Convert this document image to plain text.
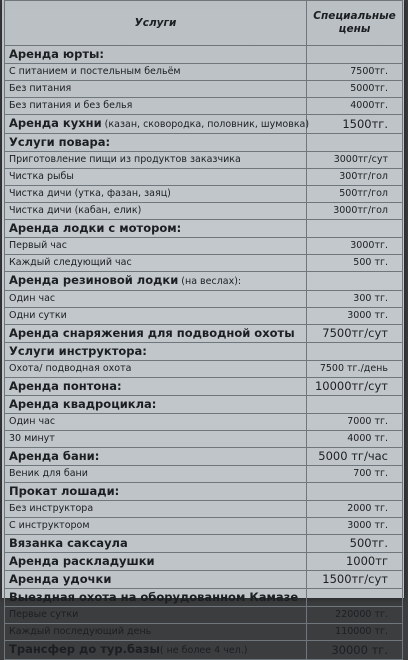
Услуги	Специальные цены
Аренда юрты:	
С питанием и постельным бельём	7500тг.
Без питания	5000тг.
Без питания и без белья	4000тг.
Аренда кухни (казан, сковородка, половник, шумовка)	1500тг.
Услуги повара:	
Приготовление пищи из продуктов заказчика	3000тг/сут
Чистка рыбы	300тг/гол
Чистка дичи (утка, фазан, заяц)	500тг/гол
Чистка дичи (кабан, елик)	3000тг/гол
Аренда лодки с мотором:	
Первый час	3000тг.
Каждый следующий час	500 тг.
Аренда резиновой лодки (на веслах):	
Один час	300 тг.
Одни сутки	3000 тг.
Аренда снаряжения для подводной охоты	7500тг/сут
Услуги инструктора:	
Охота/ подводная охота	7500 тг./день
Аренда понтона:	10000тг/сут
Аренда квадроцикла:	
Один час	7000 тг.
30 минут	4000 тг.
Аренда бани:	5000 тг/час
Веник для бани	700 тг.
Прокат лошади:	
Без инструктора	2000 тг.
С инструктором	3000 тг.
Вязанка саксаула	500тг.
Аренда раскладушки	1000тг
Аренда удочки	1500тг/сут
Выездная охота на оборудованном Камазе	
Первые сутки	220000 тг.
Каждый последующий день	110000 тг.
Трансфер до тур.базы( не более 4 чел.)	30000 тг.
